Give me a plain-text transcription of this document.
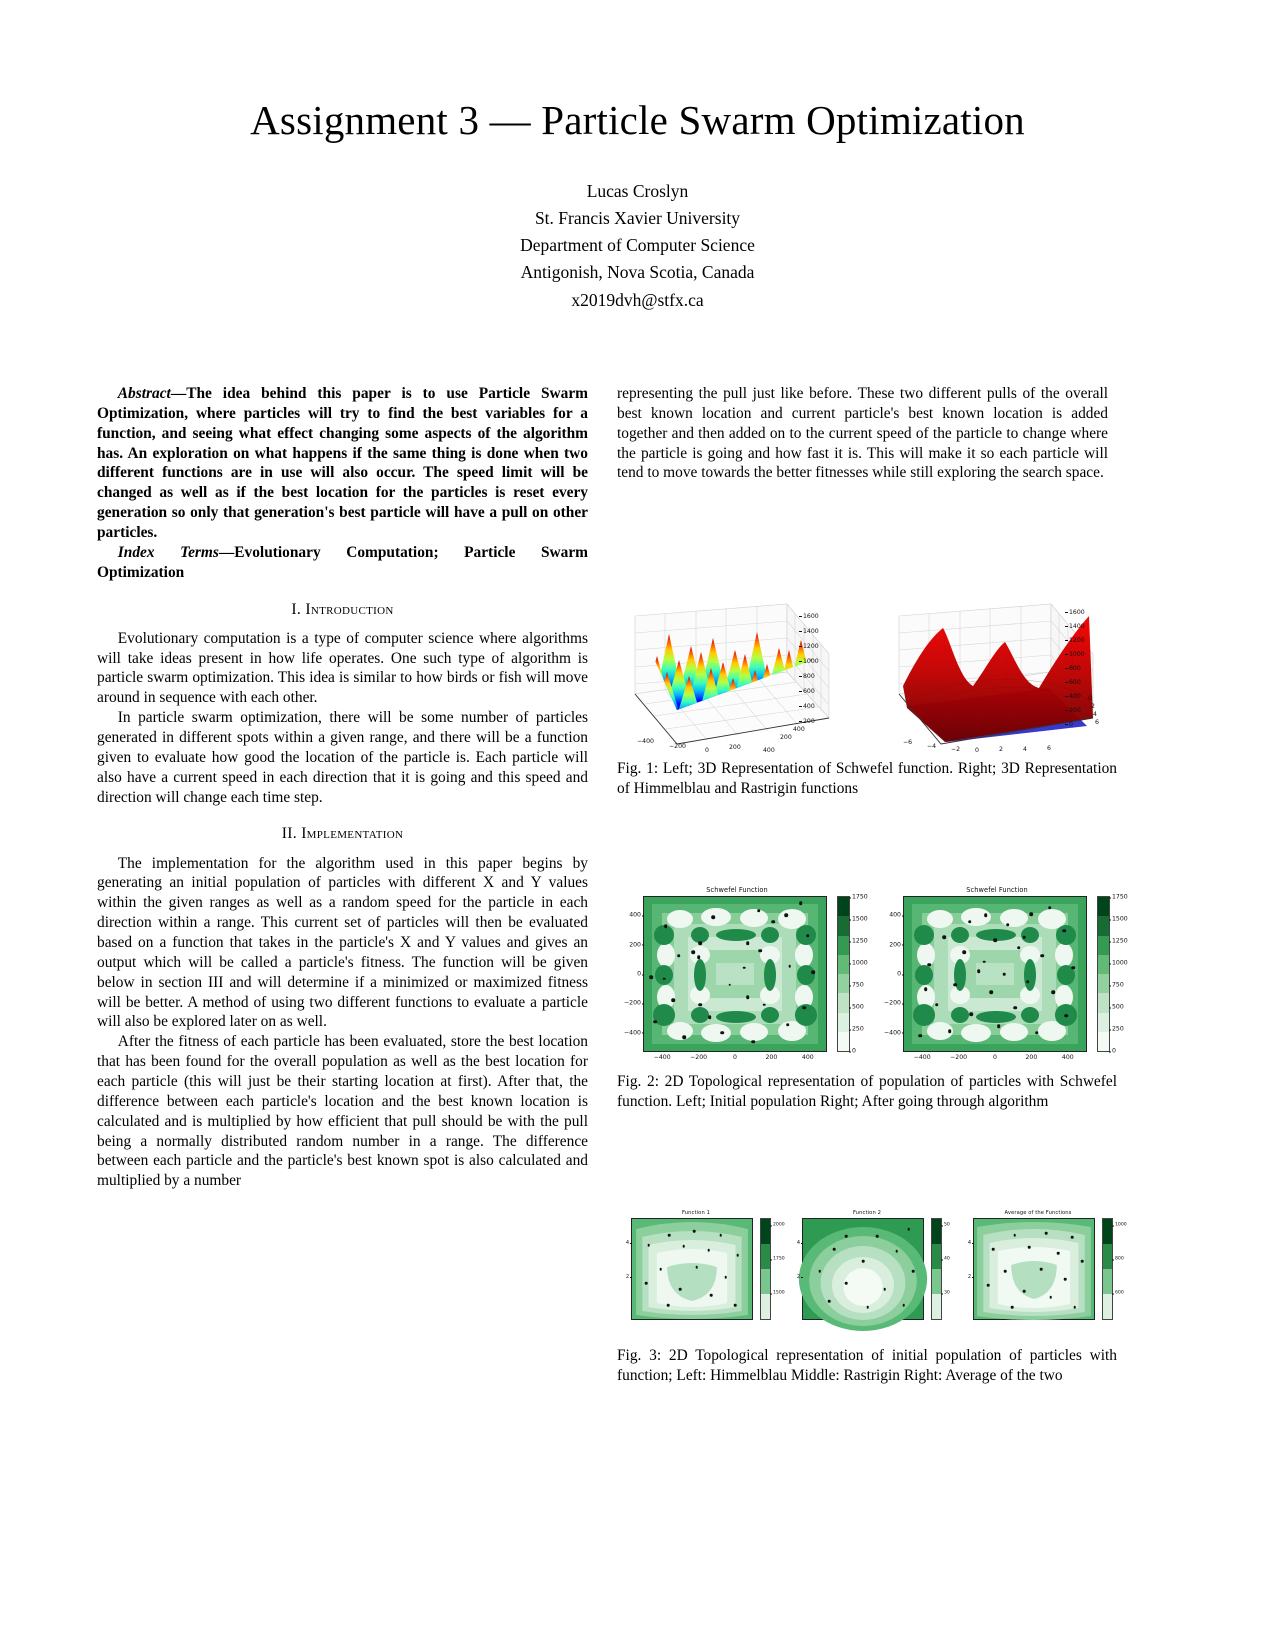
Assignment 3 — Particle Swarm Optimization
Lucas Croslyn
St. Francis Xavier University
Department of Computer Science
Antigonish, Nova Scotia, Canada
x2019dvh@stfx.ca

Abstract—The idea behind this paper is to use Particle Swarm Optimization, where particles will try to find the best variables for a function, and seeing what effect changing some aspects of the algorithm has. An exploration on what happens if the same thing is done when two different functions are in use will also occur. The speed limit will be changed as well as if the best location for the particles is reset every generation so only that generation's best particle will have a pull on other particles.

Index Terms—Evolutionary Computation; Particle Swarm Optimization

I. Introduction

Evolutionary computation is a type of computer science where algorithms will take ideas present in how life operates. One such type of algorithm is particle swarm optimization. This idea is similar to how birds or fish will move around in sequence with each other.

In particle swarm optimization, there will be some number of particles generated in different spots within a given range, and there will be a function given to evaluate how good the location of the particle is. Each particle will also have a current speed in each direction that it is going and this speed and direction will change each time step.

II. Implementation

The implementation for the algorithm used in this paper begins by generating an initial population of particles with different X and Y values within the given ranges as well as a random speed for the particle in each direction within a range. This current set of particles will then be evaluated based on a function that takes in the particle's X and Y values and gives an output which will be called a particle's fitness. The function will be given below in section III and will determine if a minimized or maximized fitness will be better. A method of using two different functions to evaluate a particle will also be explored later on as well.

After the fitness of each particle has been evaluated, store the best location that has been found for the overall population as well as the best location for each particle (this will just be their starting location at first). After that, the difference between each particle's location and the best known location is calculated and is multiplied by how efficient that pull should be with the pull being a normally distributed random number in a range. The difference between each particle and the particle's best known spot is also calculated and multiplied by a number

representing the pull just like before. These two different pulls of the overall best known location and current particle's best known location is added together and then added on to the current speed of the particle to change where the particle is going and how fast it is. This will make it so each particle will tend to move towards the better fitnesses while still exploring the search space.

1600
1400
1200
1000
800
600
400
200
−400
−200
0	200	400
400
200
1600
1400
1200
1000
800
600
400
200
0
−6
−4 −2 0	2	4	6
6
4
2
0
Fig. 1: Left; 3D Representation of Schwefel function. Right; 3D Representation of Himmelblau and Rastrigin functions
Schwefel Function
400
200
0
−200
−400
−400	−200	0	200	400
1750
1500
1250
1000
750
500
250
0
Schwefel Function
400
200
0
−200
−400
−400	−200	0	200	400
1750
1500
1250
1000
750
500
250
0
Fig. 2: 2D Topological representation of population of particles with Schwefel function. Left; Initial population Right; After going through algorithm
Function 1
4
2
2000
1750
1500
Function 2
4
2
50
40
30
Average of the Functions
4
2
1000
800
600
Fig. 3: 2D Topological representation of initial population of particles with function; Left: Himmelblau Middle: Rastrigin Right: Average of the two
